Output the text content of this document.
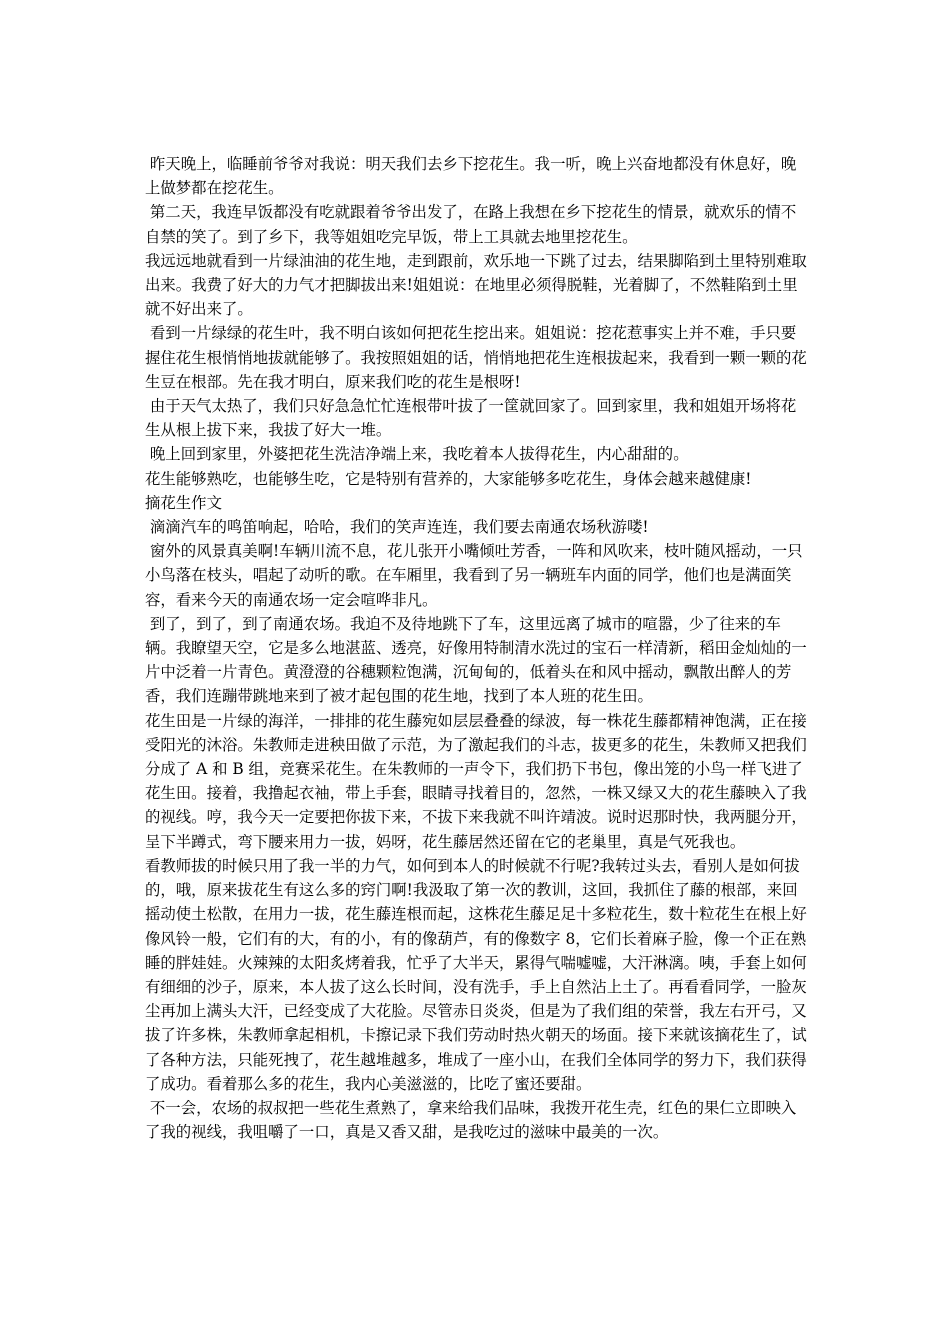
昨天晚上，临睡前爷爷对我说：明天我们去乡下挖花生。我一听，晚上兴奋地都没有休息好，晚上做梦都在挖花生。

第二天，我连早饭都没有吃就跟着爷爷出发了，在路上我想在乡下挖花生的情景，就欢乐的情不自禁的笑了。到了乡下，我等姐姐吃完早饭，带上工具就去地里挖花生。

我远远地就看到一片绿油油的花生地，走到跟前，欢乐地一下跳了过去，结果脚陷到土里特别难取出来。我费了好大的力气才把脚拔出来!姐姐说：在地里必须得脱鞋，光着脚了，不然鞋陷到土里 就不好出来了。

看到一片绿绿的花生叶，我不明白该如何把花生挖出来。姐姐说：挖花惹事实上并不难，手只要握住花生根悄悄地拔就能够了。我按照姐姐的话，悄悄地把花生连根拔起来，我看到一颗一颗的花生豆在根部。先在我才明白，原来我们吃的花生是根呀!

由于天气太热了，我们只好急急忙忙连根带叶拔了一筐就回家了。回到家里，我和姐姐开场将花生从根上拔下来，我拔了好大一堆。

晚上回到家里，外婆把花生洗洁净端上来，我吃着本人拔得花生，内心甜甜的。

花生能够熟吃，也能够生吃，它是特别有营养的，大家能够多吃花生，身体会越来越健康!

摘花生作文

滴滴汽车的鸣笛响起，哈哈，我们的笑声连连，我们要去南通农场秋游喽!

窗外的风景真美啊!车辆川流不息，花儿张开小嘴倾吐芳香，一阵和风吹来，枝叶随风摇动，一只小鸟落在枝头，唱起了动听的歌。在车厢里，我看到了另一辆班车内面的同学，他们也是满面笑容，看来今天的南通农场一定会喧哗非凡。

到了，到了，到了南通农场。我迫不及待地跳下了车，这里远离了城市的喧嚣，少了往来的车辆。我瞭望天空，它是多么地湛蓝、透亮，好像用特制清水洗过的宝石一样清新，稻田金灿灿的一片中泛着一片青色。黄澄澄的谷穗颗粒饱满，沉甸甸的，低着头在和风中摇动，飘散出醉人的芳香，我们连蹦带跳地来到了被才起包围的花生地，找到了本人班的花生田。

花生田是一片绿的海洋，一排排的花生藤宛如层层叠叠的绿波，每一株花生藤都精神饱满，正在接受阳光的沐浴。朱教师走进秧田做了示范，为了激起我们的斗志，拔更多的花生，朱教师又把我们分成了 A 和 B 组，竞赛采花生。在朱教师的一声令下，我们扔下书包，像出笼的小鸟一样飞进了花生田。接着，我撸起衣袖，带上手套，眼睛寻找着目的，忽然，一株又绿又大的花生藤映入了我的视线。哼，我今天一定要把你拔下来，不拔下来我就不叫许靖波。说时迟那时快，我两腿分开，呈下半蹲式，弯下腰来用力一拔，妈呀，花生藤居然还留在它的老巢里，真是气死我也。

看教师拔的时候只用了我一半的力气，如何到本人的时候就不行呢?我转过头去，看别人是如何拔的，哦，原来拔花生有这么多的窍门啊!我汲取了第一次的教训，这回，我抓住了藤的根部，来回摇动使土松散，在用力一拔，花生藤连根而起，这株花生藤足足十多粒花生，数十粒花生在根上好像风铃一般，它们有的大，有的小，有的像葫芦，有的像数字 8，它们长着麻子脸，像一个正在熟睡的胖娃娃。火辣辣的太阳炙烤着我，忙乎了大半天，累得气喘嘘嘘，大汗淋漓。咦，手套上如何有细细的沙子，原来，本人拔了这么长时间，没有洗手，手上自然沾上土了。再看看同学，一脸灰尘再加上满头大汗，已经变成了大花脸。尽管赤日炎炎，但是为了我们组的荣誉，我左右开弓，又拔了许多株，朱教师拿起相机，卡擦记录下我们劳动时热火朝天的场面。接下来就该摘花生了，试了各种方法，只能死拽了，花生越堆越多，堆成了一座小山，在我们全体同学的努力下，我们获得了成功。看着那么多的花生，我内心美滋滋的，比吃了蜜还要甜。

不一会，农场的叔叔把一些花生煮熟了，拿来给我们品味，我拨开花生壳，红色的果仁立即映入了我的视线，我咀嚼了一口，真是又香又甜，是我吃过的滋味中最美的一次。
